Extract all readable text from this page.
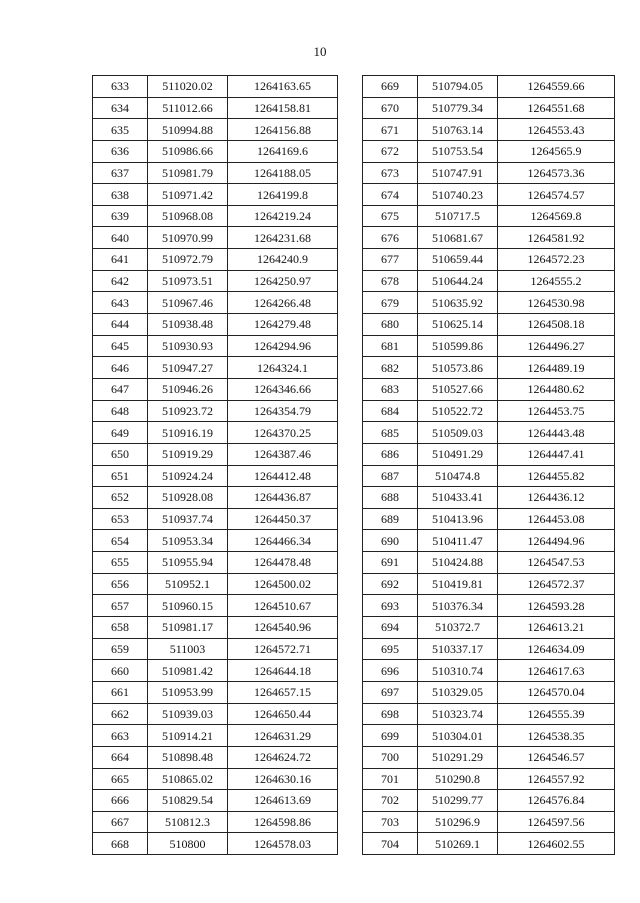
10
633	511020.02	1264163.65
634	511012.66	1264158.81
635	510994.88	1264156.88
636	510986.66	1264169.6
637	510981.79	1264188.05
638	510971.42	1264199.8
639	510968.08	1264219.24
640	510970.99	1264231.68
641	510972.79	1264240.9
642	510973.51	1264250.97
643	510967.46	1264266.48
644	510938.48	1264279.48
645	510930.93	1264294.96
646	510947.27	1264324.1
647	510946.26	1264346.66
648	510923.72	1264354.79
649	510916.19	1264370.25
650	510919.29	1264387.46
651	510924.24	1264412.48
652	510928.08	1264436.87
653	510937.74	1264450.37
654	510953.34	1264466.34
655	510955.94	1264478.48
656	510952.1	1264500.02
657	510960.15	1264510.67
658	510981.17	1264540.96
659	511003	1264572.71
660	510981.42	1264644.18
661	510953.99	1264657.15
662	510939.03	1264650.44
663	510914.21	1264631.29
664	510898.48	1264624.72
665	510865.02	1264630.16
666	510829.54	1264613.69
667	510812.3	1264598.86
668	510800	1264578.03
669	510794.05	1264559.66
670	510779.34	1264551.68
671	510763.14	1264553.43
672	510753.54	1264565.9
673	510747.91	1264573.36
674	510740.23	1264574.57
675	510717.5	1264569.8
676	510681.67	1264581.92
677	510659.44	1264572.23
678	510644.24	1264555.2
679	510635.92	1264530.98
680	510625.14	1264508.18
681	510599.86	1264496.27
682	510573.86	1264489.19
683	510527.66	1264480.62
684	510522.72	1264453.75
685	510509.03	1264443.48
686	510491.29	1264447.41
687	510474.8	1264455.82
688	510433.41	1264436.12
689	510413.96	1264453.08
690	510411.47	1264494.96
691	510424.88	1264547.53
692	510419.81	1264572.37
693	510376.34	1264593.28
694	510372.7	1264613.21
695	510337.17	1264634.09
696	510310.74	1264617.63
697	510329.05	1264570.04
698	510323.74	1264555.39
699	510304.01	1264538.35
700	510291.29	1264546.57
701	510290.8	1264557.92
702	510299.77	1264576.84
703	510296.9	1264597.56
704	510269.1	1264602.55
